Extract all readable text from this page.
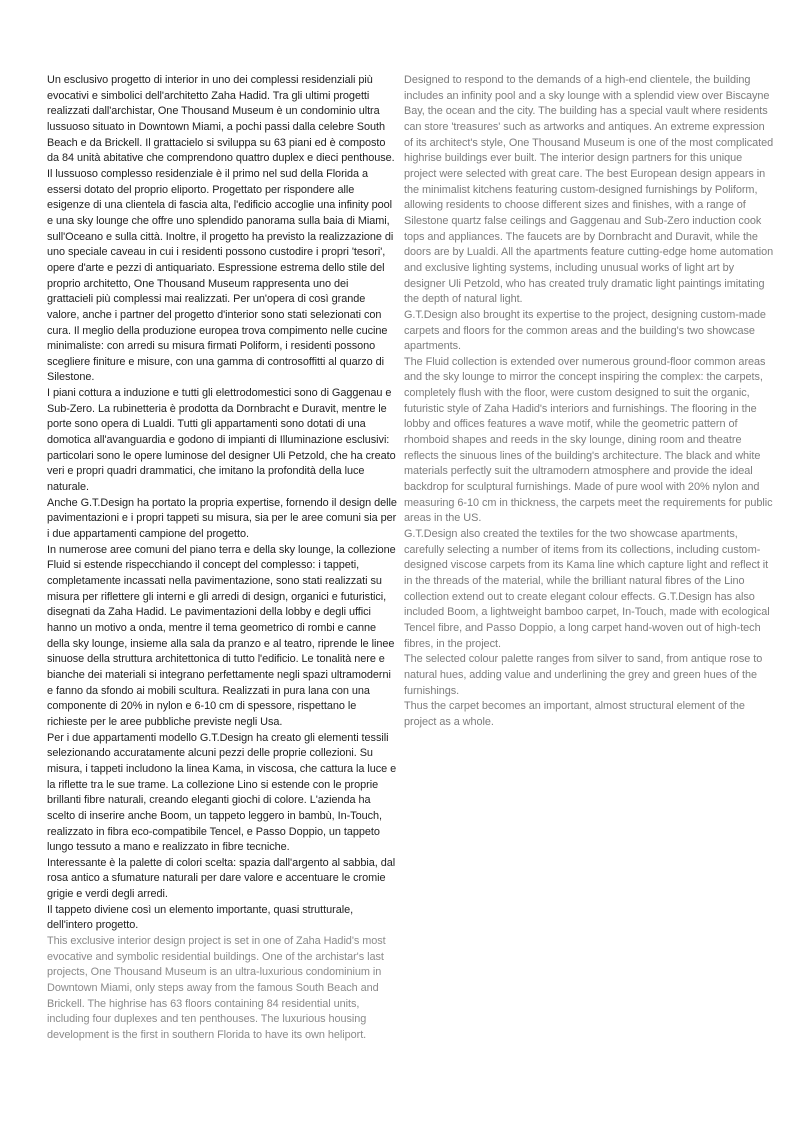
Un esclusivo progetto di interior in uno dei complessi residenziali più evocativi e simbolici dell'architetto Zaha Hadid. Tra gli ultimi progetti realizzati dall'archistar, One Thousand Museum è un condominio ultra lussuoso situato in Downtown Miami, a pochi passi dalla celebre South Beach e da Brickell. Il grattacielo si sviluppa su 63 piani ed è composto da 84 unità abitative che comprendono quattro duplex e dieci penthouse. Il lussuoso complesso residenziale è il primo nel sud della Florida a essersi dotato del proprio eliporto. Progettato per rispondere alle esigenze di una clientela di fascia alta, l'edificio accoglie una infinity pool e una sky lounge che offre uno splendido panorama sulla baia di Miami, sull'Oceano e sulla città. Inoltre, il progetto ha previsto la realizzazione di uno speciale caveau in cui i residenti possono custodire i propri 'tesori', opere d'arte e pezzi di antiquariato. Espressione estrema dello stile del proprio architetto, One Thousand Museum rappresenta uno dei grattacieli più complessi mai realizzati. Per un'opera di così grande valore, anche i partner del progetto d'interior sono stati selezionati con cura. Il meglio della produzione europea trova compimento nelle cucine minimaliste: con arredi su misura firmati Poliform, i residenti possono scegliere finiture e misure, con una gamma di controsoffitti al quarzo di Silestone.

I piani cottura a induzione e tutti gli elettrodomestici sono di Gaggenau e Sub-Zero. La rubinetteria è prodotta da Dornbracht e Duravit, mentre le porte sono opera di Lualdi. Tutti gli appartamenti sono dotati di una domotica all'avanguardia e godono di impianti di Illuminazione esclusivi: particolari sono le opere luminose del designer Uli Petzold, che ha creato veri e propri quadri drammatici, che imitano la profondità della luce naturale.

Anche G.T.Design ha portato la propria expertise, fornendo il design delle pavimentazioni e i propri tappeti su misura, sia per le aree comuni sia per i due appartamenti campione del progetto.

In numerose aree comuni del piano terra e della sky lounge, la collezione Fluid si estende rispecchiando il concept del complesso: i tappeti, completamente incassati nella pavimentazione, sono stati realizzati su misura per riflettere gli interni e gli arredi di design, organici e futuristici, disegnati da Zaha Hadid. Le pavimentazioni della lobby e degli uffici hanno un motivo a onda, mentre il tema geometrico di rombi e canne della sky lounge, insieme alla sala da pranzo e al teatro, riprende le linee sinuose della struttura architettonica di tutto l'edificio. Le tonalità nere e bianche dei materiali si integrano perfettamente negli spazi ultramoderni e fanno da sfondo ai mobili scultura. Realizzati in pura lana con una componente di 20% in nylon e 6-10 cm di spessore, rispettano le richieste per le aree pubbliche previste negli Usa.

Per i due appartamenti modello G.T.Design ha creato gli elementi tessili selezionando accuratamente alcuni pezzi delle proprie collezioni. Su misura, i tappeti includono la linea Kama, in viscosa, che cattura la luce e la riflette tra le sue trame. La collezione Lino si estende con le proprie brillanti fibre naturali, creando eleganti giochi di colore. L'azienda ha scelto di inserire anche Boom, un tappeto leggero in bambù, In-Touch, realizzato in fibra eco-compatibile Tencel, e Passo Doppio, un tappeto lungo tessuto a mano e realizzato in fibre tecniche.

Interessante è la palette di colori scelta: spazia dall'argento al sabbia, dal rosa antico a sfumature naturali per dare valore e accentuare le cromie grigie e verdi degli arredi.

Il tappeto diviene così un elemento importante, quasi strutturale, dell'intero progetto.

This exclusive interior design project is set in one of Zaha Hadid's most evocative and symbolic residential buildings. One of the archistar's last projects, One Thousand Museum is an ultra-luxurious condominium in Downtown Miami, only steps away from the famous South Beach and Brickell. The highrise has 63 floors containing 84 residential units, including four duplexes and ten penthouses. The luxurious housing development is the first in southern Florida to have its own heliport.

Designed to respond to the demands of a high-end clientele, the building includes an infinity pool and a sky lounge with a splendid view over Biscayne Bay, the ocean and the city. The building has a special vault where residents can store 'treasures' such as artworks and antiques. An extreme expression of its architect's style, One Thousand Museum is one of the most complicated highrise buildings ever built. The interior design partners for this unique project were selected with great care. The best European design appears in the minimalist kitchens featuring custom-designed furnishings by Poliform, allowing residents to choose different sizes and finishes, with a range of Silestone quartz false ceilings and Gaggenau and Sub-Zero induction cook tops and appliances. The faucets are by Dornbracht and Duravit, while the doors are by Lualdi. All the apartments feature cutting-edge home automation and exclusive lighting systems, including unusual works of light art by designer Uli Petzold, who has created truly dramatic light paintings imitating the depth of natural light.

G.T.Design also brought its expertise to the project, designing custom-made carpets and floors for the common areas and the building's two showcase apartments.

The Fluid collection is extended over numerous ground-floor common areas and the sky lounge to mirror the concept inspiring the complex: the carpets, completely flush with the floor, were custom designed to suit the organic, futuristic style of Zaha Hadid's interiors and furnishings. The flooring in the lobby and offices features a wave motif, while the geometric pattern of rhomboid shapes and reeds in the sky lounge, dining room and theatre reflects the sinuous lines of the building's architecture. The black and white materials perfectly suit the ultramodern atmosphere and provide the ideal backdrop for sculptural furnishings. Made of pure wool with 20% nylon and measuring 6-10 cm in thickness, the carpets meet the requirements for public areas in the US.

G.T.Design also created the textiles for the two showcase apartments, carefully selecting a number of items from its collections, including custom-designed viscose carpets from its Kama line which capture light and reflect it in the threads of the material, while the brilliant natural fibres of the Lino collection extend out to create elegant colour effects. G.T.Design has also included Boom, a lightweight bamboo carpet, In-Touch, made with ecological Tencel fibre, and Passo Doppio, a long carpet hand-woven out of high-tech fibres, in the project.

The selected colour palette ranges from silver to sand, from antique rose to natural hues, adding value and underlining the grey and green hues of the furnishings.

Thus the carpet becomes an important, almost structural element of the project as a whole.
